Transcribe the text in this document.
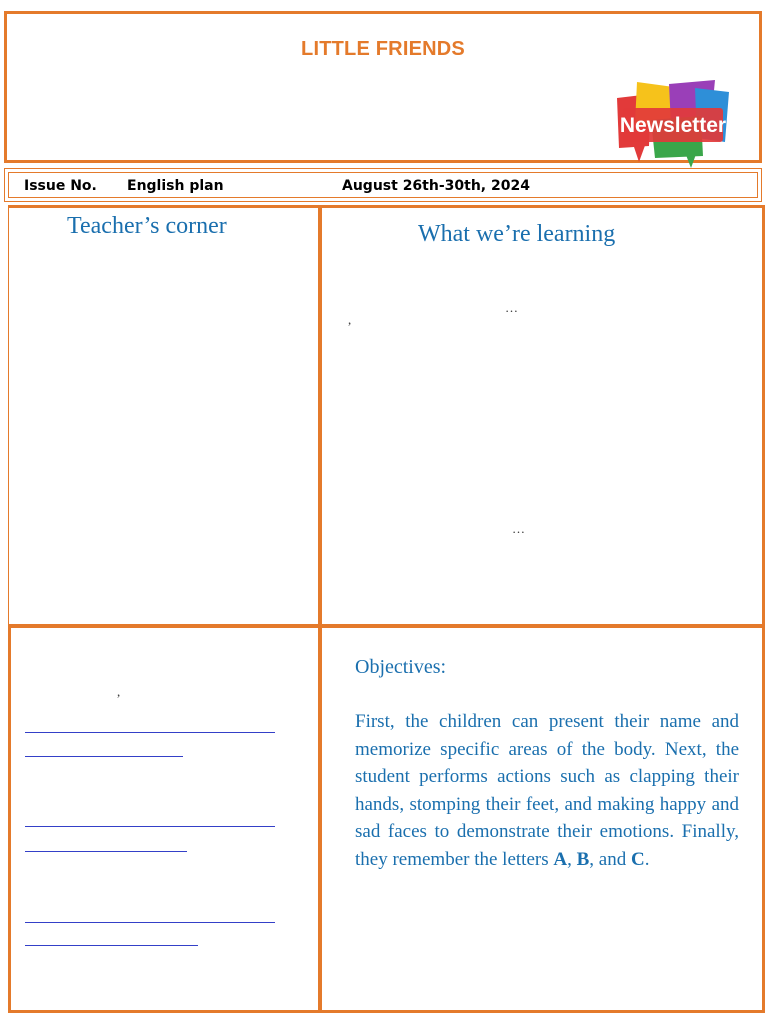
LITTLE FRIENDS
Newsletter
Issue No. English plan	August 26th-30th, 2024
Teacher’s corner	What we’re learning
…
,
…
,
Objectives:
First, the children can present their name and memorize specific areas of the body. Next, the student performs actions such as clapping their hands, stomping their feet, and making happy and sad faces to demonstrate their emotions. Finally, they remember the letters A, B, and C.
